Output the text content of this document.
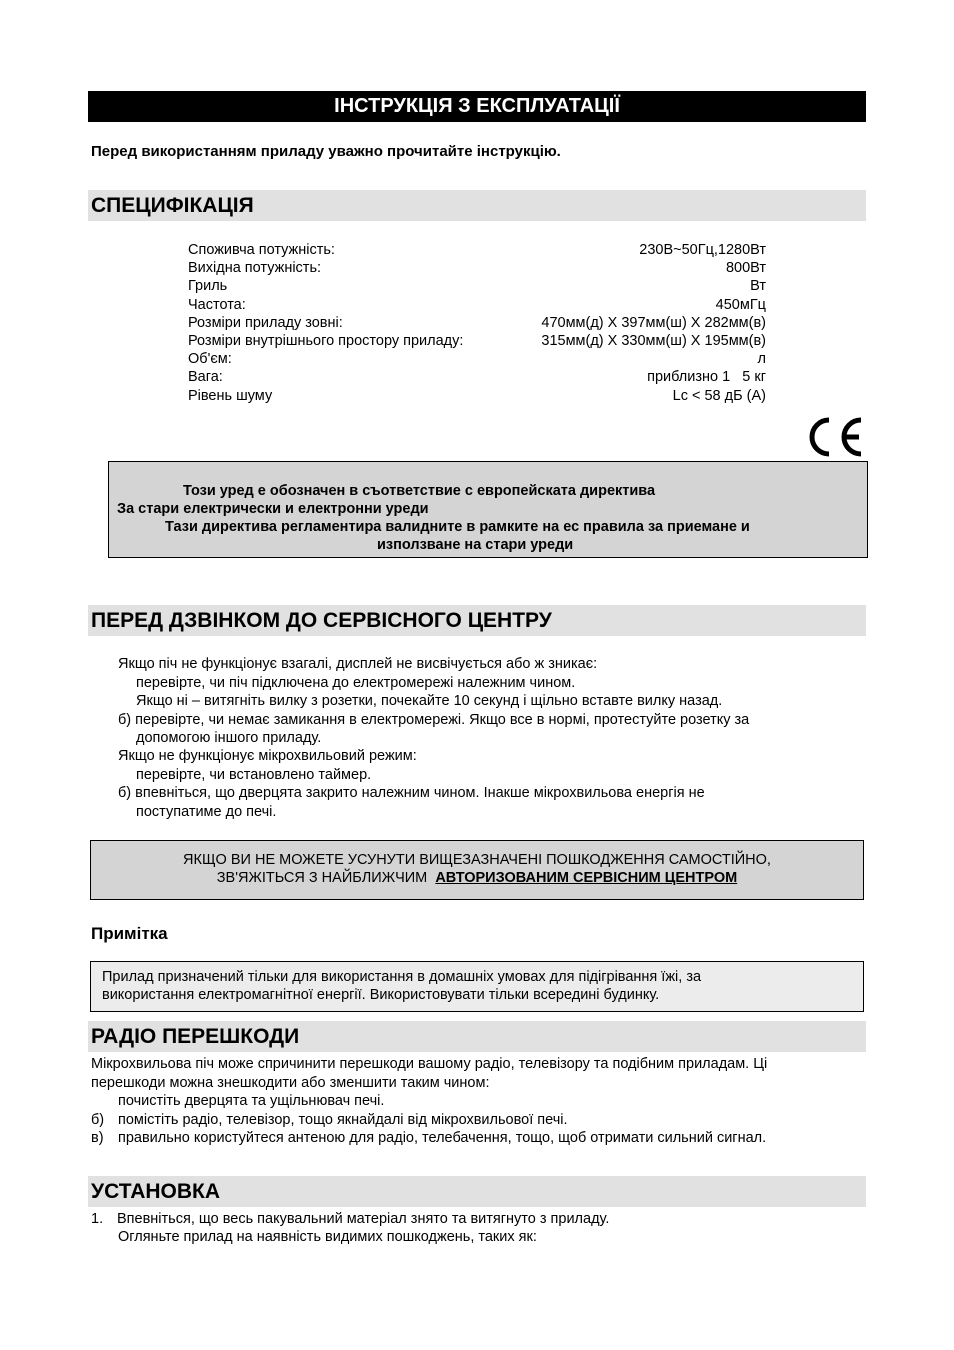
ІНСТРУКЦІЯ З ЕКСПЛУАТАЦІЇ
Перед використанням приладу уважно прочитайте інструкцію.
СПЕЦИФІКАЦІЯ
Споживча потужність:	230В~50Гц,1280Вт
Вихідна потужність:	800Вт
Гриль	Вт
Частота:	450мГц
Розміри приладу зовні:	470мм(д) X 397мм(ш) X 282мм(в)
Розміри внутрішнього простору приладу:	315мм(д) X 330мм(ш) X 195мм(в)
Об'єм:	л
Вага:	приблизно 1   5 кг
Рівень шуму	Lc < 58 дБ (A)
Този уред е обозначен в съответствие с европейската директива
За стари електрически и електронни уреди
Тази директива регламентира валидните в рамките на ес правила за приемане и
използване на стари уреди
ПЕРЕД ДЗВІНКОМ ДО СЕРВІСНОГО ЦЕНТРУ
Якщо піч не функціонує взагалі, дисплей не висвічується або ж зникає:
перевірте, чи піч підключена до електромережі належним чином.
Якщо ні – витягніть вилку з розетки, почекайте 10 секунд і щільно вставте вилку назад.
б) перевірте, чи немає замикання в електромережі. Якщо все в нормі, протестуйте розетку за
допомогою іншого приладу.
Якщо не функціонує мікрохвильовий режим:
перевірте, чи встановлено таймер.
б) впевніться, що дверцята закрито належним чином. Інакше мікрохвильова енергія не
поступатиме до печі.
ЯКЩО ВИ НЕ МОЖЕТЕ УСУНУТИ ВИЩЕЗАЗНАЧЕНІ ПОШКОДЖЕННЯ САМОСТІЙНО,
ЗВ'ЯЖІТЬСЯ З НАЙБЛИЖЧИМ АВТОРИЗОВАНИМ СЕРВІСНИМ ЦЕНТРОМ
Примітка
Прилад призначений тільки для використання в домашніх умовах для підігрівання їжі, за
використання електромагнітної енергії. Використовувати тільки всередині будинку.
РАДІО ПЕРЕШКОДИ
Мікрохвильова піч може спричинити перешкоди вашому радіо, телевізору та подібним приладам. Ці
перешкоди можна знешкодити або зменшити таким чином:
почистіть дверцята та ущільнювач печі.
б) помістіть радіо, телевізор, тощо якнайдалі від мікрохвильової печі.
в) правильно користуйтеся антеною для радіо, телебачення, тощо, щоб отримати сильний сигнал.
УСТАНОВКА
1. Впевніться, що весь пакувальний матеріал знято та витягнуто з приладу.
Огляньте прилад на наявність видимих пошкоджень, таких як:
